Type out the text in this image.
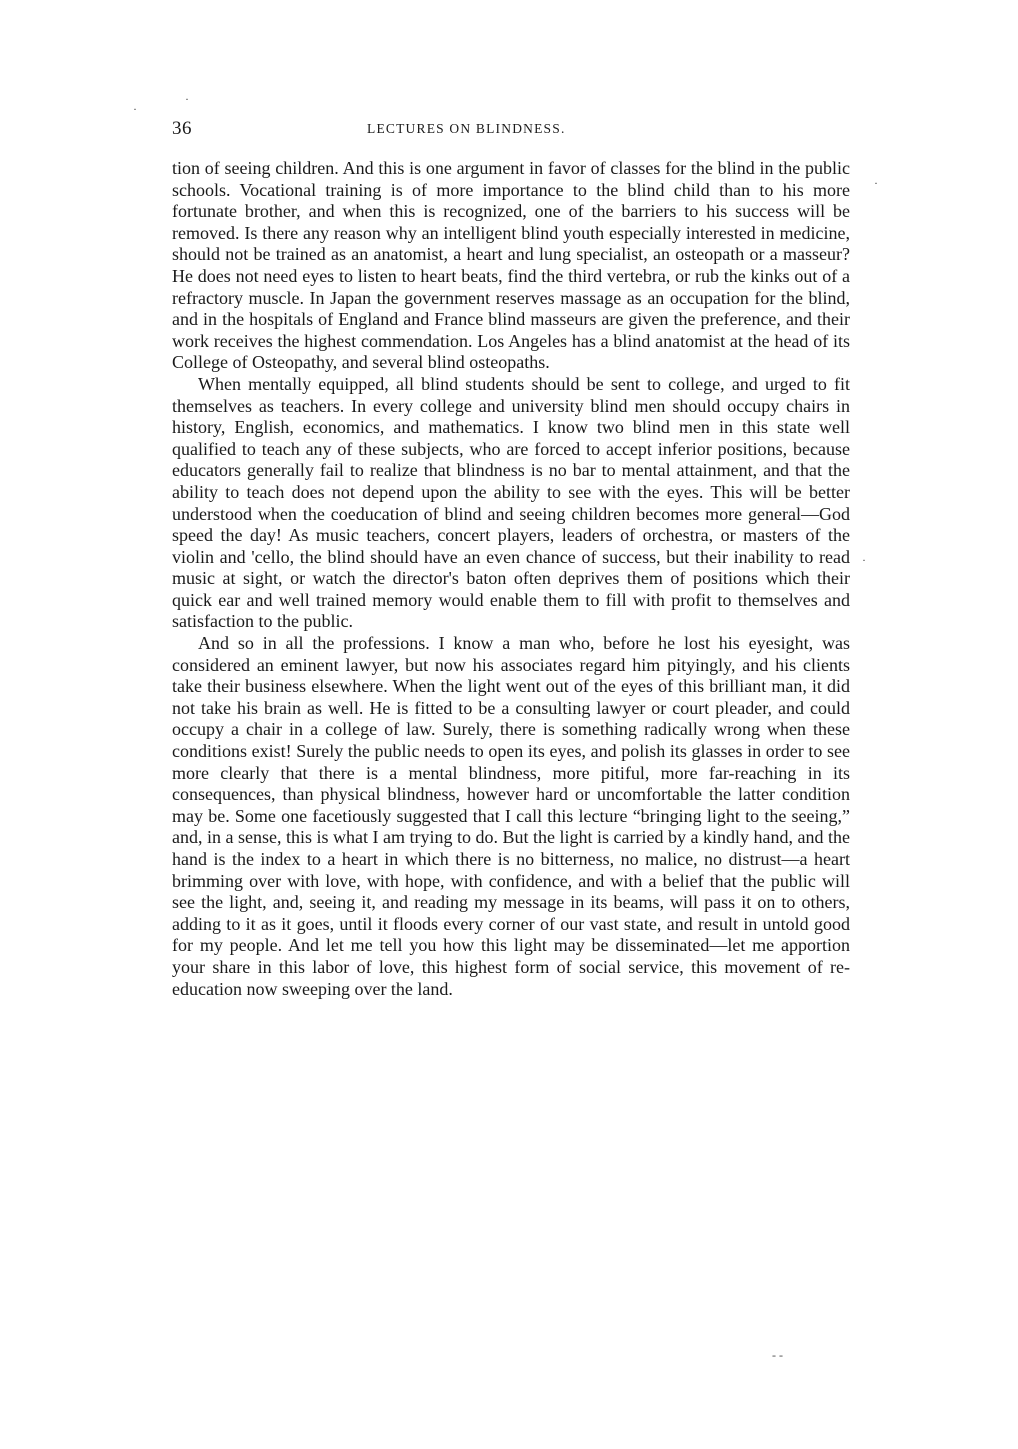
·
·
36	LECTURES ON BLINDNESS.

tion of seeing children. And this is one argument in favor of classes for the blind in the public schools. Vocational training is of more importance to the blind child than to his more fortunate brother, and when this is recognized, one of the barriers to his success will be removed. Is there any reason why an intelligent blind youth especially interested in medicine, should not be trained as an anatomist, a heart and lung specialist, an osteopath or a masseur? He does not need eyes to listen to heart beats, find the third vertebra, or rub the kinks out of a refractory muscle. In Japan the government reserves massage as an occupation for the blind, and in the hospitals of England and France blind masseurs are given the preference, and their work receives the highest commendation. Los Angeles has a blind anatomist at the head of its College of Osteopathy, and several blind osteopaths.

When mentally equipped, all blind students should be sent to college, and urged to fit themselves as teachers. In every college and university blind men should occupy chairs in history, English, economics, and mathematics. I know two blind men in this state well qualified to teach any of these subjects, who are forced to accept inferior positions, because educators generally fail to realize that blindness is no bar to mental attainment, and that the ability to teach does not depend upon the ability to see with the eyes. This will be better understood when the coeducation of blind and seeing children becomes more general—God speed the day! As music teachers, concert players, leaders of orchestra, or masters of the violin and 'cello, the blind should have an even chance of success, but their inability to read music at sight, or watch the director's baton often deprives them of positions which their quick ear and well trained memory would enable them to fill with profit to themselves and satisfaction to the public.

And so in all the professions. I know a man who, before he lost his eyesight, was considered an eminent lawyer, but now his associates regard him pityingly, and his clients take their business elsewhere. When the light went out of the eyes of this brilliant man, it did not take his brain as well. He is fitted to be a consulting lawyer or court pleader, and could occupy a chair in a college of law. Surely, there is something radically wrong when these conditions exist! Surely the public needs to open its eyes, and polish its glasses in order to see more clearly that there is a mental blindness, more pitiful, more far-reaching in its consequences, than physical blindness, however hard or uncomfortable the latter condition may be. Some one facetiously suggested that I call this lecture “bringing light to the seeing,” and, in a sense, this is what I am trying to do. But the light is carried by a kindly hand, and the hand is the index to a heart in which there is no bitterness, no malice, no distrust—a heart brimming over with love, with hope, with confidence, and with a belief that the public will see the light, and, seeing it, and reading my message in its beams, will pass it on to others, adding to it as it goes, until it floods every corner of our vast state, and result in untold good for my people. And let me tell you how this light may be disseminated—let me apportion your share in this labor of love, this highest form of social service, this movement of re-education now sweeping over the land.

·
·
‐ -
